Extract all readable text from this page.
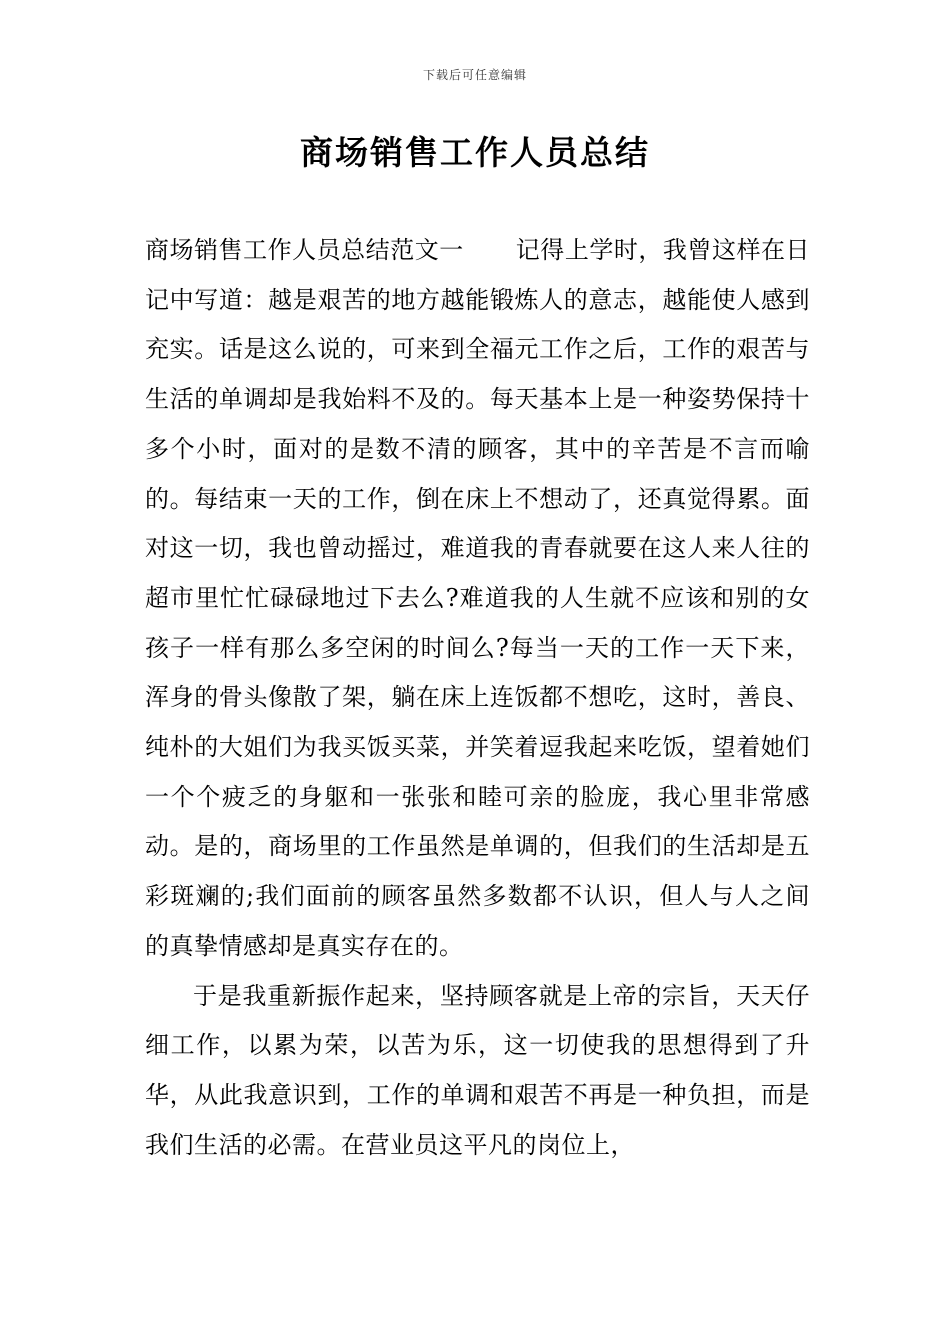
下载后可任意编辑
商场销售工作人员总结

商场销售工作人员总结范文一 记得上学时，我曾这样在日记中写道：越是艰苦的地方越能锻炼人的意志，越能使人感到充实。话是这么说的，可来到全福元工作之后，工作的艰苦与生活的单调却是我始料不及的。每天基本上是一种姿势保持十多个小时，面对的是数不清的顾客，其中的辛苦是不言而喻的。每结束一天的工作，倒在床上不想动了，还真觉得累。面对这一切，我也曾动摇过，难道我的青春就要在这人来人往的超市里忙忙碌碌地过下去么?难道我的人生就不应该和别的女孩子一样有那么多空闲的时间么?每当一天的工作一天下来，浑身的骨头像散了架，躺在床上连饭都不想吃，这时，善良、纯朴的大姐们为我买饭买菜，并笑着逗我起来吃饭，望着她们一个个疲乏的身躯和一张张和睦可亲的脸庞，我心里非常感动。是的，商场里的工作虽然是单调的，但我们的生活却是五彩斑斓的;我们面前的顾客虽然多数都不认识，但人与人之间的真挚情感却是真实存在的。

于是我重新振作起来，坚持顾客就是上帝的宗旨，天天仔细工作，以累为荣，以苦为乐，这一切使我的思想得到了升华，从此我意识到，工作的单调和艰苦不再是一种负担，而是我们生活的必需。在营业员这平凡的岗位上，
